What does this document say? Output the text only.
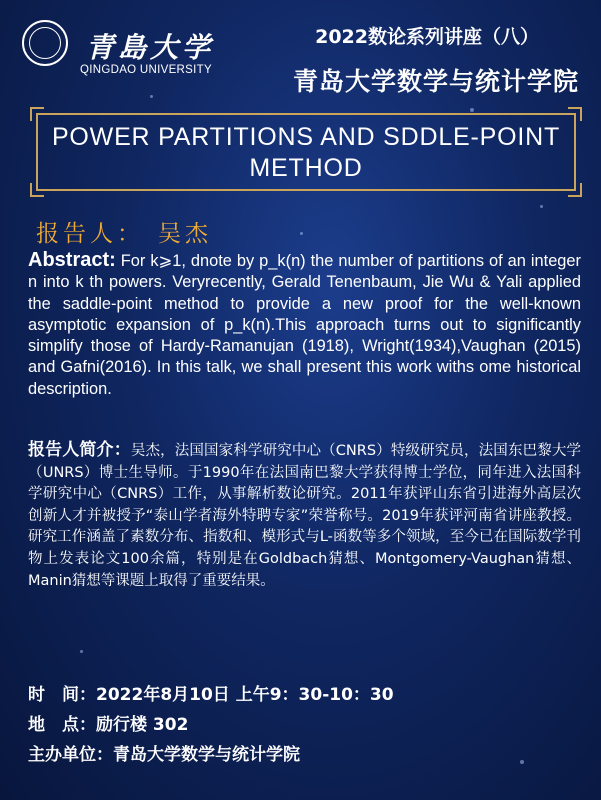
青島大学
QINGDAO UNIVERSITY
2022数论系列讲座（八）
青岛大学数学与统计学院
POWER PARTITIONS AND SDDLE-POINT METHOD
报告人： 吴杰
Abstract: For k⩾1, dnote by p_k(n) the number of partitions of an integer n into k th powers. Veryrecently, Gerald Tenenbaum, Jie Wu & Yali applied the saddle-point method to provide a new proof for the well-known asymptotic expansion of p_k(n).This approach turns out to significantly simplify those of Hardy-Ramanujan (1918), Wright(1934),Vaughan (2015) and Gafni(2016). In this talk, we shall present this work withs ome historical description.
报告人简介：吴杰，法国国家科学研究中心（CNRS）特级研究员，法国东巴黎大学（UNRS）博士生导师。于1990年在法国南巴黎大学获得博士学位，同年进入法国科学研究中心（CNRS）工作，从事解析数论研究。2011年获评山东省引进海外高层次创新人才并被授予“泰山学者海外特聘专家”荣誉称号。2019年获评河南省讲座教授。研究工作涵盖了素数分布、指数和、模形式与L-函数等多个领域，至今已在国际数学刊物上发表论文100余篇，特别是在Goldbach猜想、Montgomery-Vaughan猜想、Manin猜想等课题上取得了重要结果。
时　间：2022年8月10日 上午9：30-10：30
地　点：励行楼 302
主办单位：青岛大学数学与统计学院
